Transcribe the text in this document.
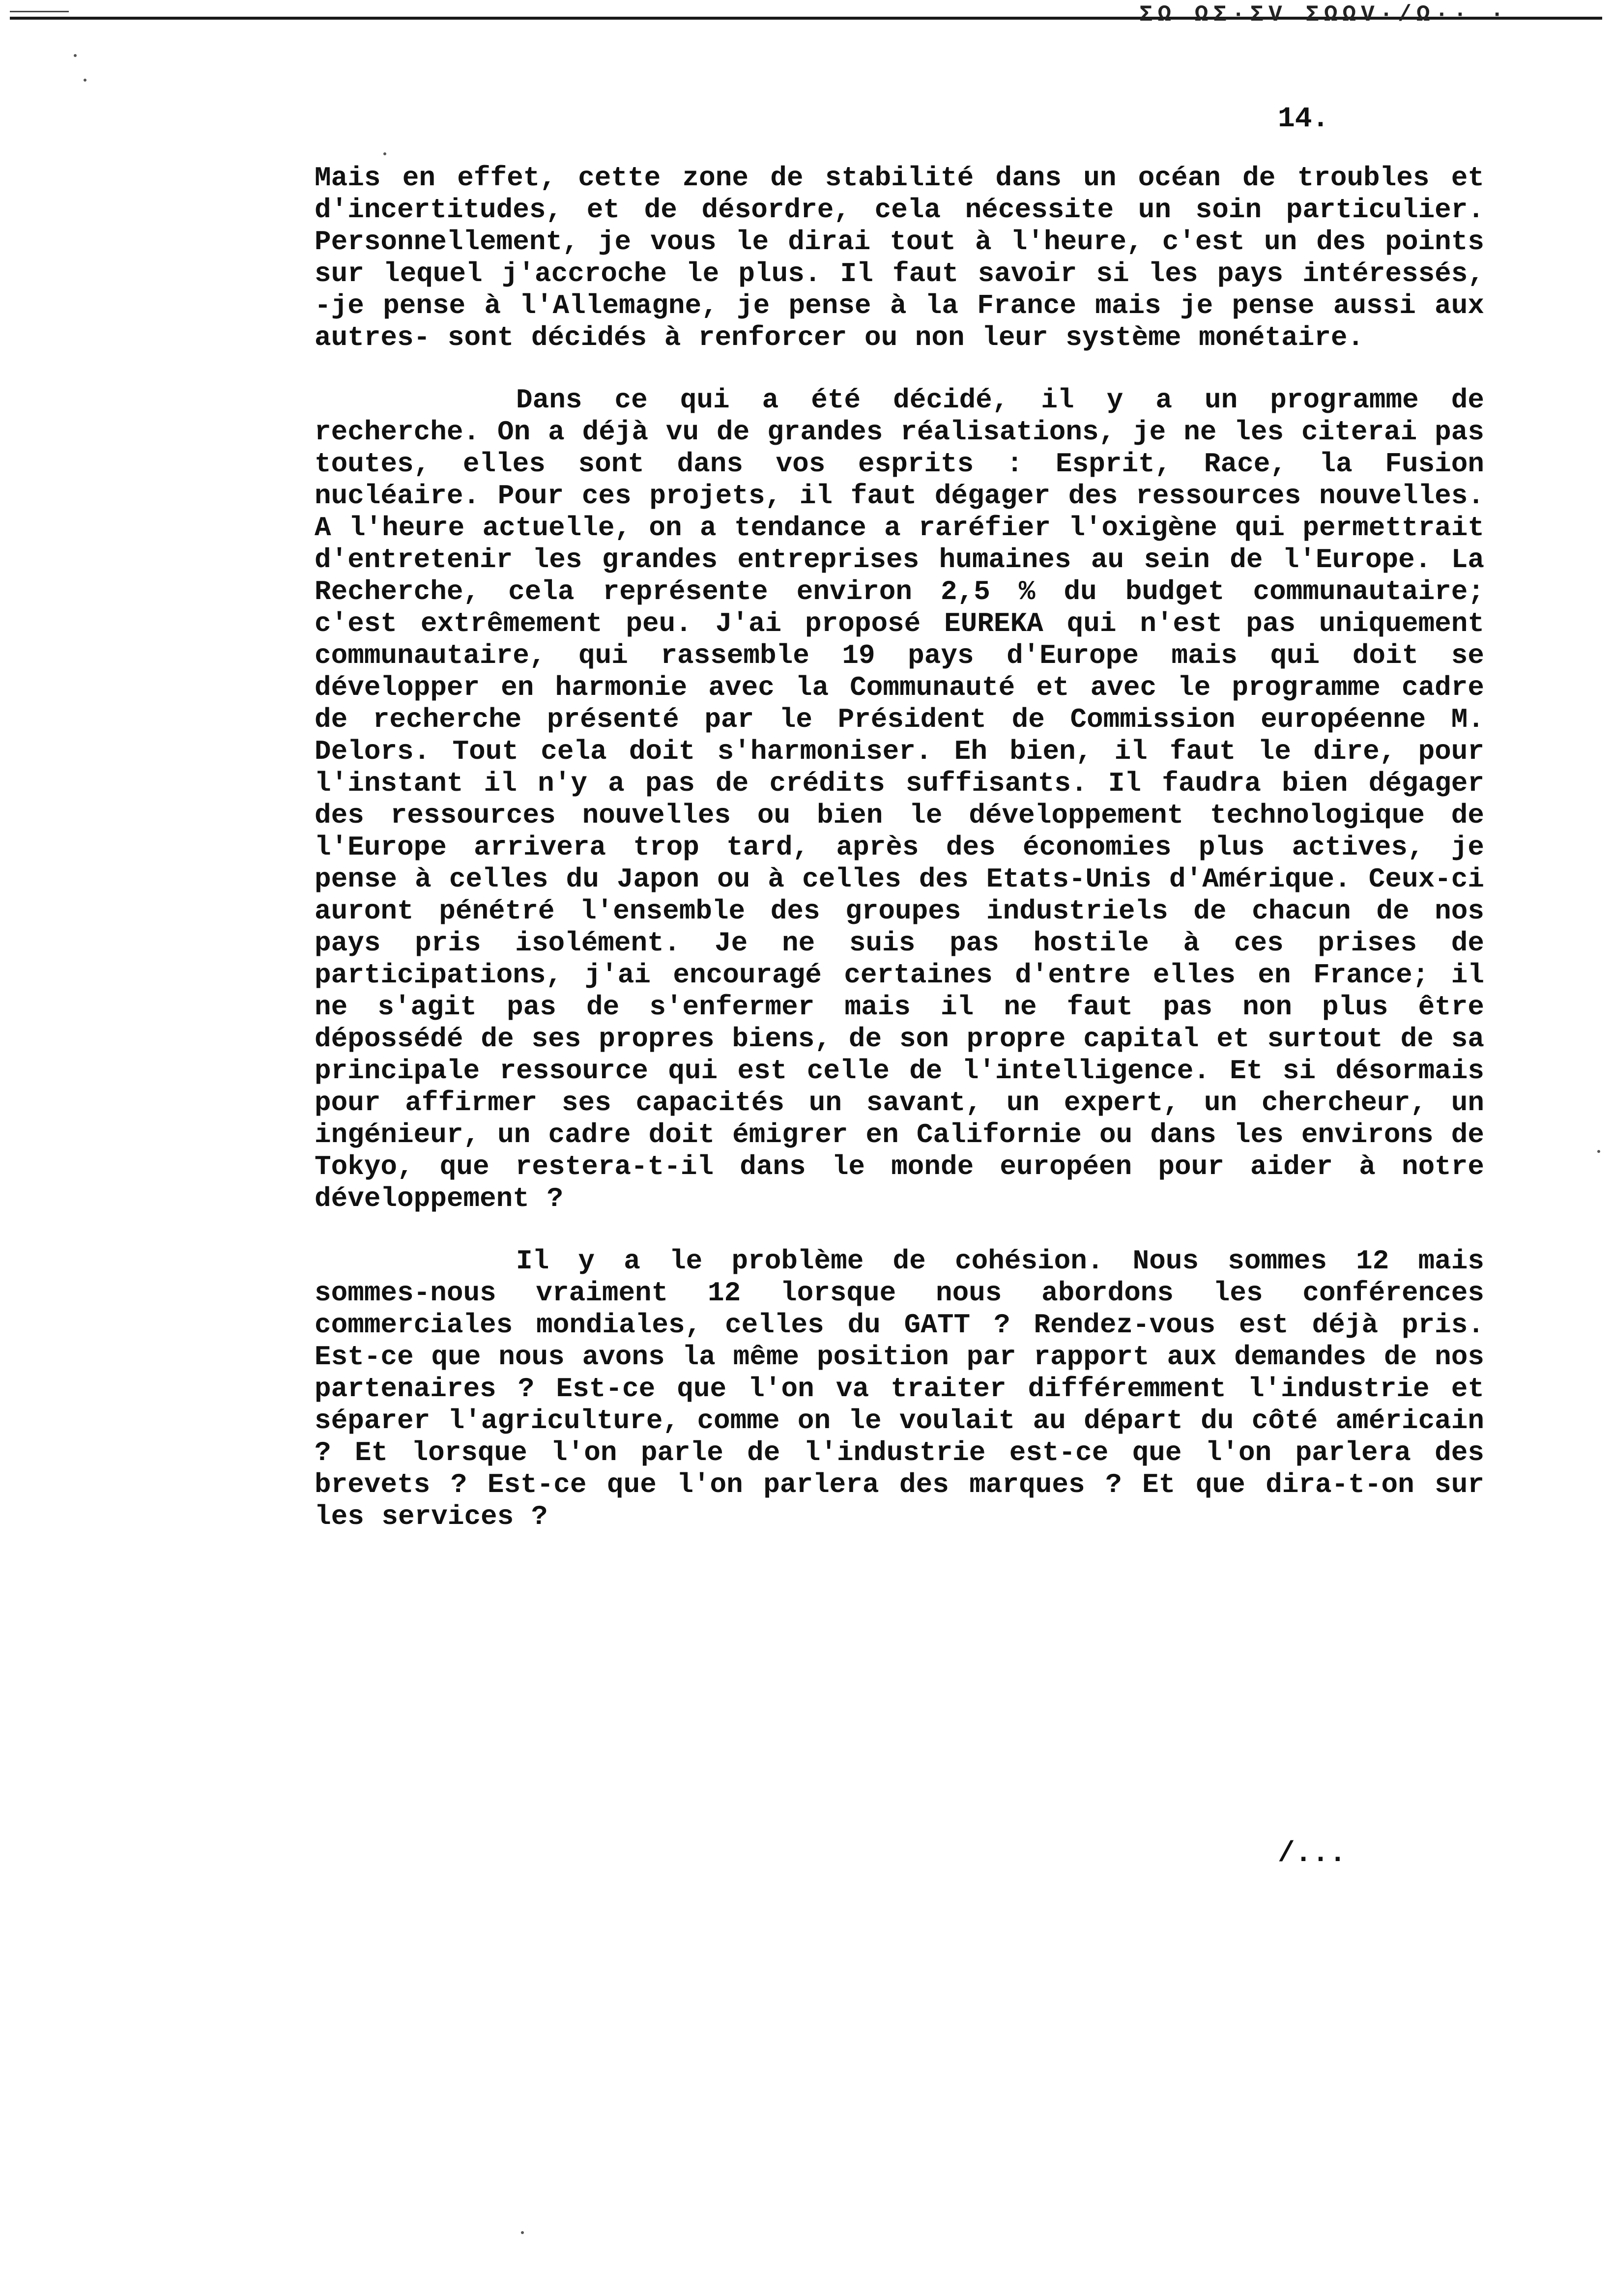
ΣΩ ΩΣ·ΣV ΣΩΩV·/Ω·· ·
14.

Mais en effet, cette zone de stabilité dans un océan de troubles et d'incertitudes, et de désordre, cela nécessite un soin particulier. Personnellement, je vous le dirai tout à l'heure, c'est un des points sur lequel j'accroche le plus. Il faut savoir si les pays intéressés, -je pense à l'Allemagne, je pense à la France mais je pense aussi aux autres- sont décidés à renforcer ou non leur système monétaire.

Dans ce qui a été décidé, il y a un programme de recherche. On a déjà vu de grandes réalisations, je ne les citerai pas toutes, elles sont dans vos esprits : Esprit, Race, la Fusion nucléaire. Pour ces projets, il faut dégager des ressources nouvelles. A l'heure actuelle, on a tendance a raréfier l'oxigène qui permettrait d'entretenir les grandes entreprises humaines au sein de l'Europe. La Recherche, cela représente environ 2,5 % du budget communautaire; c'est extrêmement peu. J'ai proposé EUREKA qui n'est pas uniquement communautaire, qui rassemble 19 pays d'Europe mais qui doit se développer en harmonie avec la Communauté et avec le programme cadre de recherche présenté par le Président de Commission européenne M. Delors. Tout cela doit s'harmoniser. Eh bien, il faut le dire, pour l'instant il n'y a pas de crédits suffisants. Il faudra bien dégager des ressources nouvelles ou bien le développement technologique de l'Europe arrivera trop tard, après des économies plus actives, je pense à celles du Japon ou à celles des Etats-Unis d'Amérique. Ceux-ci auront pénétré l'ensemble des groupes industriels de chacun de nos pays pris isolément. Je ne suis pas hostile à ces prises de participations, j'ai encouragé certaines d'entre elles en France; il ne s'agit pas de s'enfermer mais il ne faut pas non plus être dépossédé de ses propres biens, de son propre capital et surtout de sa principale ressource qui est celle de l'intelligence. Et si désormais pour affirmer ses capacités un savant, un expert, un chercheur, un ingénieur, un cadre doit émigrer en Californie ou dans les environs de Tokyo, que restera-t-il dans le monde européen pour aider à notre développement ?

Il y a le problème de cohésion. Nous sommes 12 mais sommes-nous vraiment 12 lorsque nous abordons les conférences commerciales mondiales, celles du GATT ? Rendez-vous est déjà pris. Est-ce que nous avons la même position par rapport aux demandes de nos partenaires ? Est-ce que l'on va traiter différemment l'industrie et séparer l'agriculture, comme on le voulait au départ du côté américain ? Et lorsque l'on parle de l'industrie est-ce que l'on parlera des brevets ? Est-ce que l'on parlera des marques ? Et que dira-t-on sur les services ?

/...
